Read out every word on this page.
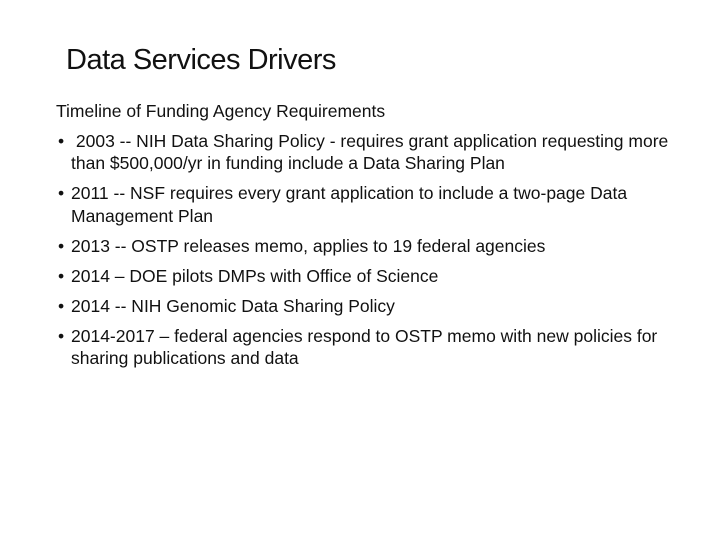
Data Services Drivers
Timeline of Funding Agency Requirements
• 2003 -- NIH Data Sharing Policy - requires grant application requesting more than $500,000/yr in funding include a Data Sharing Plan
• 2011 -- NSF requires every grant application to include a two-page Data Management Plan
• 2013 -- OSTP releases memo, applies to 19 federal agencies
• 2014 – DOE pilots DMPs with Office of Science
• 2014 -- NIH Genomic Data Sharing Policy
• 2014-2017 – federal agencies respond to OSTP memo with new policies for sharing publications and data
